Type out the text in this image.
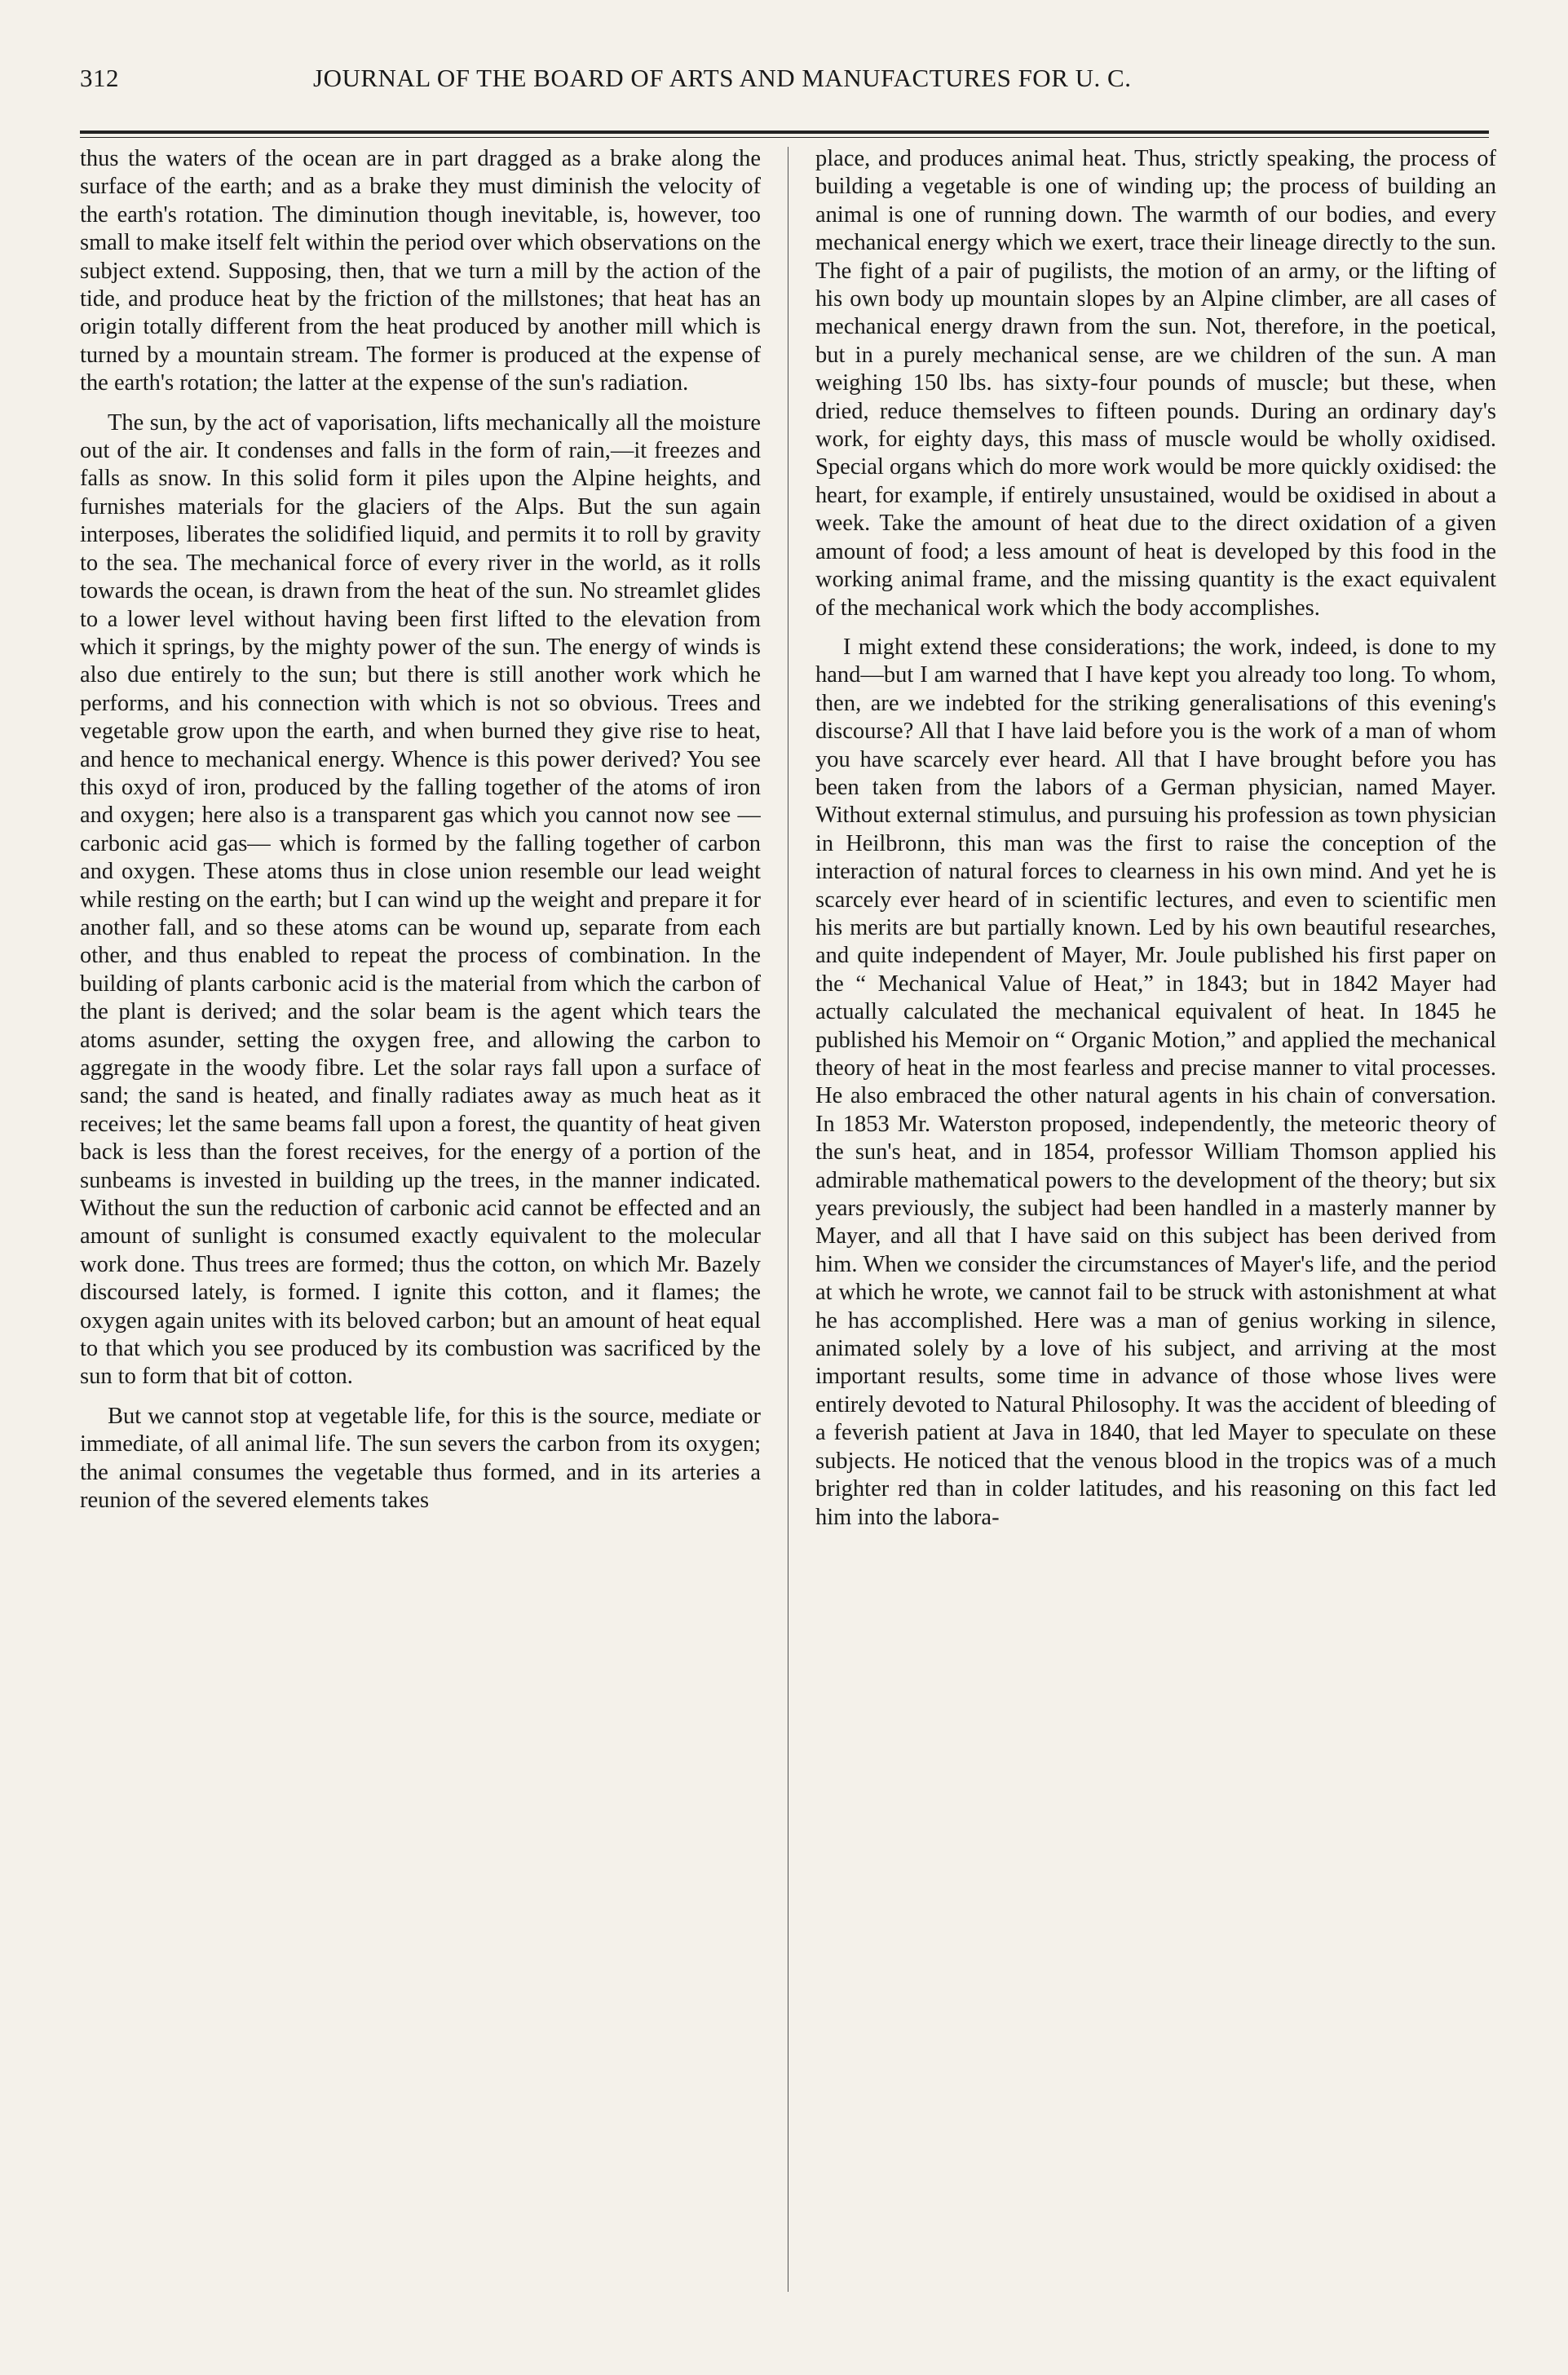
312	JOURNAL OF THE BOARD OF ARTS AND MANUFACTURES FOR U. C.

thus the waters of the ocean are in part dragged as a brake along the surface of the earth; and as a brake they must diminish the velocity of the earth's rotation. The diminution though inevitable, is, however, too small to make itself felt within the period over which observations on the subject extend. Supposing, then, that we turn a mill by the action of the tide, and produce heat by the friction of the millstones; that heat has an origin totally different from the heat produced by another mill which is turned by a mountain stream. The former is produced at the expense of the earth's rotation; the latter at the expense of the sun's radiation.

The sun, by the act of vaporisation, lifts mechanically all the moisture out of the air. It condenses and falls in the form of rain,—it freezes and falls as snow. In this solid form it piles upon the Alpine heights, and furnishes materials for the glaciers of the Alps. But the sun again interposes, liberates the solidified liquid, and permits it to roll by gravity to the sea. The mechanical force of every river in the world, as it rolls towards the ocean, is drawn from the heat of the sun. No streamlet glides to a lower level without having been first lifted to the elevation from which it springs, by the mighty power of the sun. The energy of winds is also due entirely to the sun; but there is still another work which he performs, and his connection with which is not so obvious. Trees and vegetable grow upon the earth, and when burned they give rise to heat, and hence to mechanical energy. Whence is this power derived? You see this oxyd of iron, produced by the falling together of the atoms of iron and oxygen; here also is a transparent gas which you cannot now see —carbonic acid gas— which is formed by the falling together of carbon and oxygen. These atoms thus in close union resemble our lead weight while resting on the earth; but I can wind up the weight and prepare it for another fall, and so these atoms can be wound up, separate from each other, and thus enabled to repeat the process of combination. In the building of plants carbonic acid is the material from which the carbon of the plant is derived; and the solar beam is the agent which tears the atoms asunder, setting the oxygen free, and allowing the carbon to aggregate in the woody fibre. Let the solar rays fall upon a surface of sand; the sand is heated, and finally radiates away as much heat as it receives; let the same beams fall upon a forest, the quantity of heat given back is less than the forest receives, for the energy of a portion of the sunbeams is invested in building up the trees, in the manner indicated. Without the sun the reduction of carbonic acid cannot be effected and an amount of sunlight is consumed exactly equivalent to the molecular work done. Thus trees are formed; thus the cotton, on which Mr. Bazely discoursed lately, is formed. I ignite this cotton, and it flames; the oxygen again unites with its beloved carbon; but an amount of heat equal to that which you see produced by its combustion was sacrificed by the sun to form that bit of cotton.

But we cannot stop at vegetable life, for this is the source, mediate or immediate, of all animal life. The sun severs the carbon from its oxygen; the animal consumes the vegetable thus formed, and in its arteries a reunion of the severed elements takes

place, and produces animal heat. Thus, strictly speaking, the process of building a vegetable is one of winding up; the process of building an animal is one of running down. The warmth of our bodies, and every mechanical energy which we exert, trace their lineage directly to the sun. The fight of a pair of pugilists, the motion of an army, or the lifting of his own body up mountain slopes by an Alpine climber, are all cases of mechanical energy drawn from the sun. Not, therefore, in the poetical, but in a purely mechanical sense, are we children of the sun. A man weighing 150 lbs. has sixty-four pounds of muscle; but these, when dried, reduce themselves to fifteen pounds. During an ordinary day's work, for eighty days, this mass of muscle would be wholly oxidised. Special organs which do more work would be more quickly oxidised: the heart, for example, if entirely unsustained, would be oxidised in about a week. Take the amount of heat due to the direct oxidation of a given amount of food; a less amount of heat is developed by this food in the working animal frame, and the missing quantity is the exact equivalent of the mechanical work which the body accomplishes.

I might extend these considerations; the work, indeed, is done to my hand—but I am warned that I have kept you already too long. To whom, then, are we indebted for the striking generalisations of this evening's discourse? All that I have laid before you is the work of a man of whom you have scarcely ever heard. All that I have brought before you has been taken from the labors of a German physician, named Mayer. Without external stimulus, and pursuing his profession as town physician in Heilbronn, this man was the first to raise the conception of the interaction of natural forces to clearness in his own mind. And yet he is scarcely ever heard of in scientific lectures, and even to scientific men his merits are but partially known. Led by his own beautiful researches, and quite independent of Mayer, Mr. Joule published his first paper on the “ Mechanical Value of Heat,” in 1843; but in 1842 Mayer had actually calculated the mechanical equivalent of heat. In 1845 he published his Memoir on “ Organic Motion,” and applied the mechanical theory of heat in the most fearless and precise manner to vital processes. He also embraced the other natural agents in his chain of conversation. In 1853 Mr. Waterston proposed, independently, the meteoric theory of the sun's heat, and in 1854, professor William Thomson applied his admirable mathematical powers to the development of the theory; but six years previously, the subject had been handled in a masterly manner by Mayer, and all that I have said on this subject has been derived from him. When we consider the circumstances of Mayer's life, and the period at which he wrote, we cannot fail to be struck with astonishment at what he has accomplished. Here was a man of genius working in silence, animated solely by a love of his subject, and arriving at the most important results, some time in advance of those whose lives were entirely devoted to Natural Philosophy. It was the accident of bleeding of a feverish patient at Java in 1840, that led Mayer to speculate on these subjects. He noticed that the venous blood in the tropics was of a much brighter red than in colder latitudes, and his reasoning on this fact led him into the labora-
